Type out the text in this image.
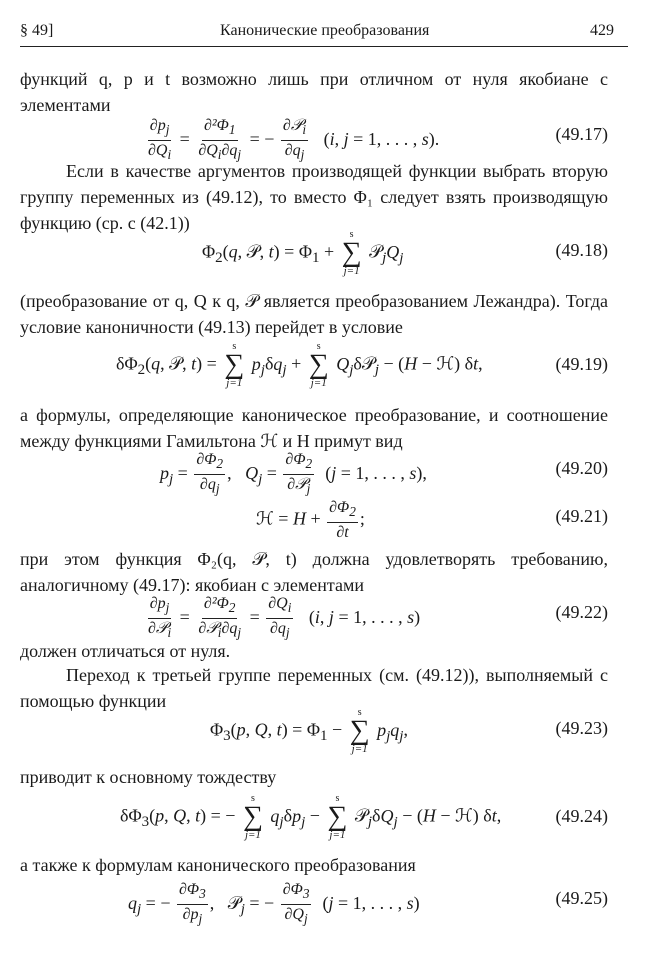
§ 49]	Канонические преобразования	429
функций q, p и t возможно лишь при отличном от нуля якобиане с элементами
$\frac{\partial p_j}{\partial Q_i} = \frac{\partial^2\Phi_1}{\partial Q_i\partial q_j}$ = −
∂𝒫$_i$
$\partial q_j$
(i, j = 1, . . . , s).	(49.17)
Если в качестве аргументов производящей функции выбрать вторую группу переменных из (49.12), то вместо Φ₁ следует взять производящую функцию (ср. с (42.1))
$\Phi_2(q$, 𝒫, $t) = \Phi_1$ +
s
∑
j=1
$𝒫_jQ_j$	(49.18)
(преобразование от q, Q к q, 𝒫 является преобразованием Лежандра). Тогда условие каноничности (49.13) перейдет в условие
$\delta\Phi_2(q$, 𝒫, t) =
s
∑
j=1
$p_j\delta q_j$ +
s
∑
j=1
$Q_j\delta 𝒫_j - (H$ − ℋ) δt,	(49.19)
а формулы, определяющие каноническое преобразование, и соотношение между функциями Гамильтона ℋ и H примут вид
$p_j = \frac{\partial\Phi_2}{\partial q_j}$ ,   $Q_j$ =
$\partial\Phi_2$
∂𝒫$_j$
(j = 1, . . . , s),	(49.20)
ℋ = $H + \frac{\partial\Phi_2}{\partial t}$ ;	(49.21)
при этом функция Φ₂(q, 𝒫, t) должна удовлетворять требованию, аналогичному (49.17): якобиан с элементами
$\partial p_j$
∂𝒫$_i$
=
$\partial^2\Phi_2$
$\partial 𝒫_i\partial q_j$
= $\frac{\partial Q_i}{\partial q_j} (i$, j = 1, . . . , s)	(49.22)
должен отличаться от нуля.
Переход к третьей группе переменных (см. (49.12)), выполняемый с помощью функции
$\Phi_3(p$, Q, $t) = \Phi_1$ −
s
∑
j=1
$p_jq_j$,	(49.23)
приводит к основному тождеству
$\delta\Phi_3(p$, Q, t) = −
s
∑
j=1
$q_j\delta p_j$ −
s
∑
j=1
$𝒫_j\delta Q_j - (H$ − ℋ) δt,	(49.24)
а также к формулам канонического преобразования
$q_j$ = − $\frac{\partial\Phi_3}{\partial p_j}$ ,   𝒫$_j$ = − $\frac{\partial\Phi_3}{\partial Q_j} (j = 1$, . . . , s)	(49.25)
